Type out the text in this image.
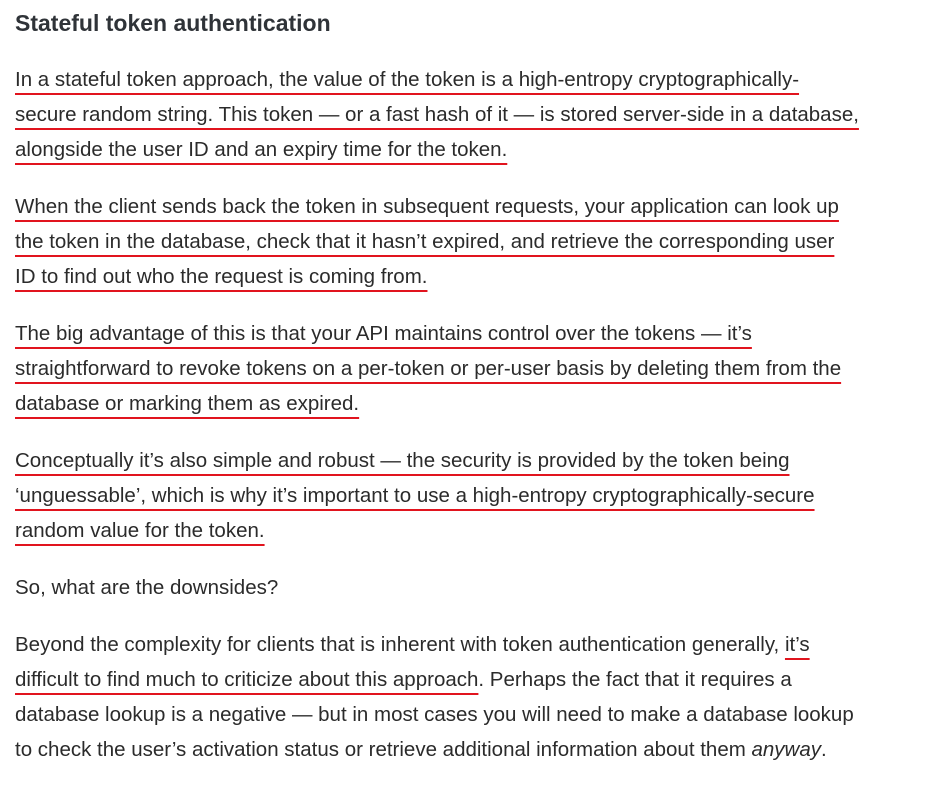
Stateful token authentication

In a stateful token approach, the value of the token is a high-entropy cryptographically-
secure random string. This token — or a fast hash of it — is stored server-side in a database,
alongside the user ID and an expiry time for the token.

When the client sends back the token in subsequent requests, your application can look up
the token in the database, check that it hasn’t expired, and retrieve the corresponding user
ID to find out who the request is coming from.

The big advantage of this is that your API maintains control over the tokens — it’s
straightforward to revoke tokens on a per-token or per-user basis by deleting them from the
database or marking them as expired.

Conceptually it’s also simple and robust — the security is provided by the token being
‘unguessable’, which is why it’s important to use a high-entropy cryptographically-secure
random value for the token.

So, what are the downsides?

Beyond the complexity for clients that is inherent with token authentication generally, it’s
difficult to find much to criticize about this approach. Perhaps the fact that it requires a
database lookup is a negative — but in most cases you will need to make a database lookup
to check the user’s activation status or retrieve additional information about them anyway.
